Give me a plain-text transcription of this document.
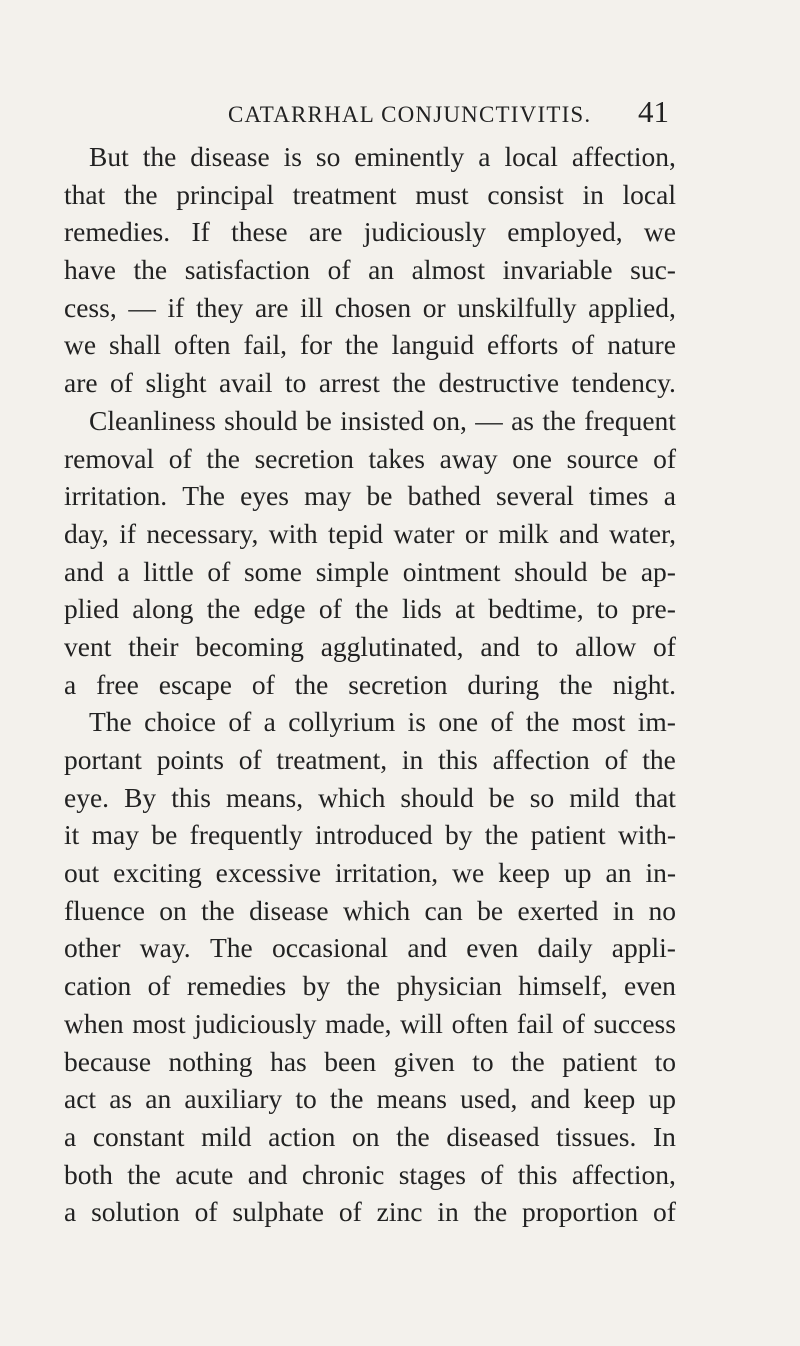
CATARRHAL CONJUNCTIVITIS. 41
But the disease is so eminently a local affection,
that the principal treatment must consist in local
remedies. If these are judiciously employed, we
have the satisfaction of an almost invariable suc-
cess, — if they are ill chosen or unskilfully applied,
we shall often fail, for the languid efforts of nature
are of slight avail to arrest the destructive tendency.
Cleanliness should be insisted on, — as the frequent
removal of the secretion takes away one source of
irritation. The eyes may be bathed several times a
day, if necessary, with tepid water or milk and water,
and a little of some simple ointment should be ap-
plied along the edge of the lids at bedtime, to pre-
vent their becoming agglutinated, and to allow of
a free escape of the secretion during the night.
The choice of a collyrium is one of the most im-
portant points of treatment, in this affection of the
eye. By this means, which should be so mild that
it may be frequently introduced by the patient with-
out exciting excessive irritation, we keep up an in-
fluence on the disease which can be exerted in no
other way. The occasional and even daily appli-
cation of remedies by the physician himself, even
when most judiciously made, will often fail of success
because nothing has been given to the patient to
act as an auxiliary to the means used, and keep up
a constant mild action on the diseased tissues. In
both the acute and chronic stages of this affection,
a solution of sulphate of zinc in the proportion of
